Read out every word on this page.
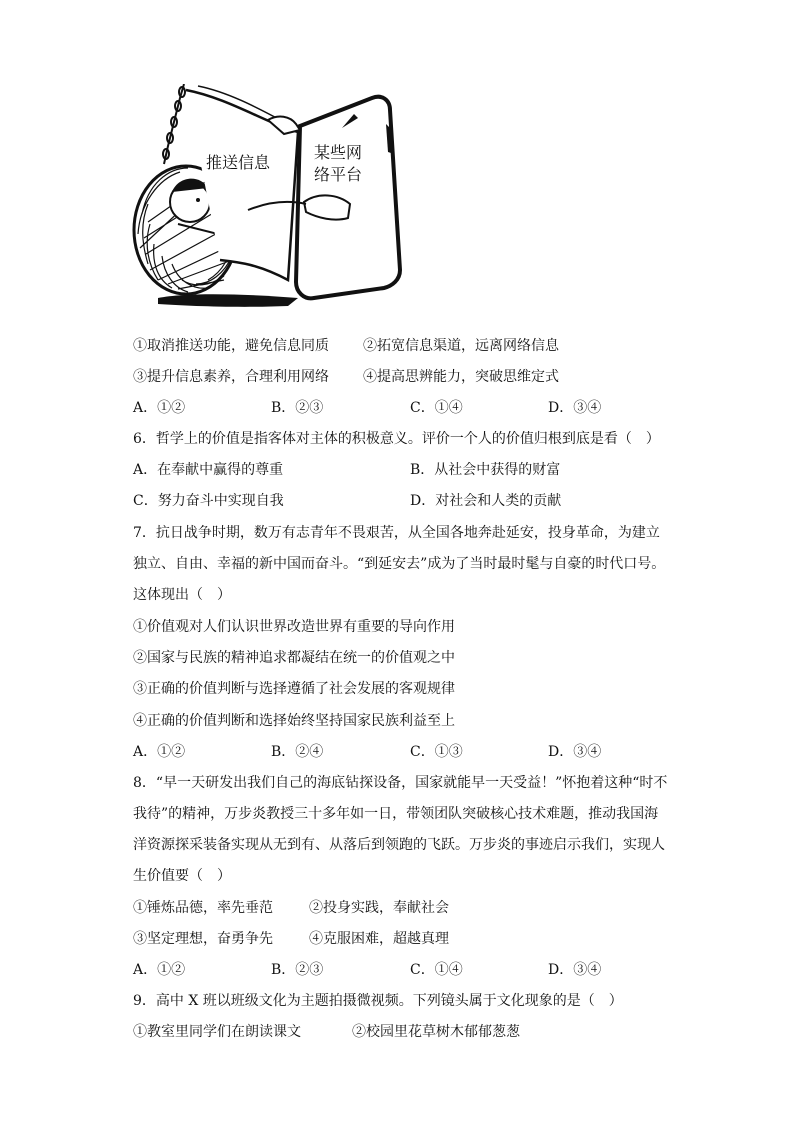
推送信息
某些网
络平台
①取消推送功能，避免信息同质 ②拓宽信息渠道，远离网络信息
③提升信息素养，合理利用网络 ④提高思辨能力，突破思维定式
A．①②	B．②③	C．①④	D．③④
6．哲学上的价值是指客体对主体的积极意义。评价一个人的价值归根到底是看（　）
A．在奉献中赢得的尊重	B．从社会中获得的财富
C．努力奋斗中实现自我	D．对社会和人类的贡献
7．抗日战争时期，数万有志青年不畏艰苦，从全国各地奔赴延安，投身革命，为建立
独立、自由、幸福的新中国而奋斗。“到延安去”成为了当时最时髦与自豪的时代口号。
这体现出（　）
①价值观对人们认识世界改造世界有重要的导向作用
②国家与民族的精神追求都凝结在统一的价值观之中
③正确的价值判断与选择遵循了社会发展的客观规律
④正确的价值判断和选择始终坚持国家民族利益至上
A．①②	B．②④	C．①③	D．③④
8．“早一天研发出我们自己的海底钻探设备，国家就能早一天受益！”怀抱着这种“时不
我待”的精神，万步炎教授三十多年如一日，带领团队突破核心技术难题，推动我国海
洋资源探采装备实现从无到有、从落后到领跑的飞跃。万步炎的事迹启示我们，实现人
生价值要（　）
①锤炼品德，率先垂范	②投身实践，奉献社会
③坚定理想，奋勇争先	④克服困难，超越真理
A．①②	B．②③	C．①④	D．③④
9．高中 X 班以班级文化为主题拍摄微视频。下列镜头属于文化现象的是（　）
①教室里同学们在朗读课文	②校园里花草树木郁郁葱葱
